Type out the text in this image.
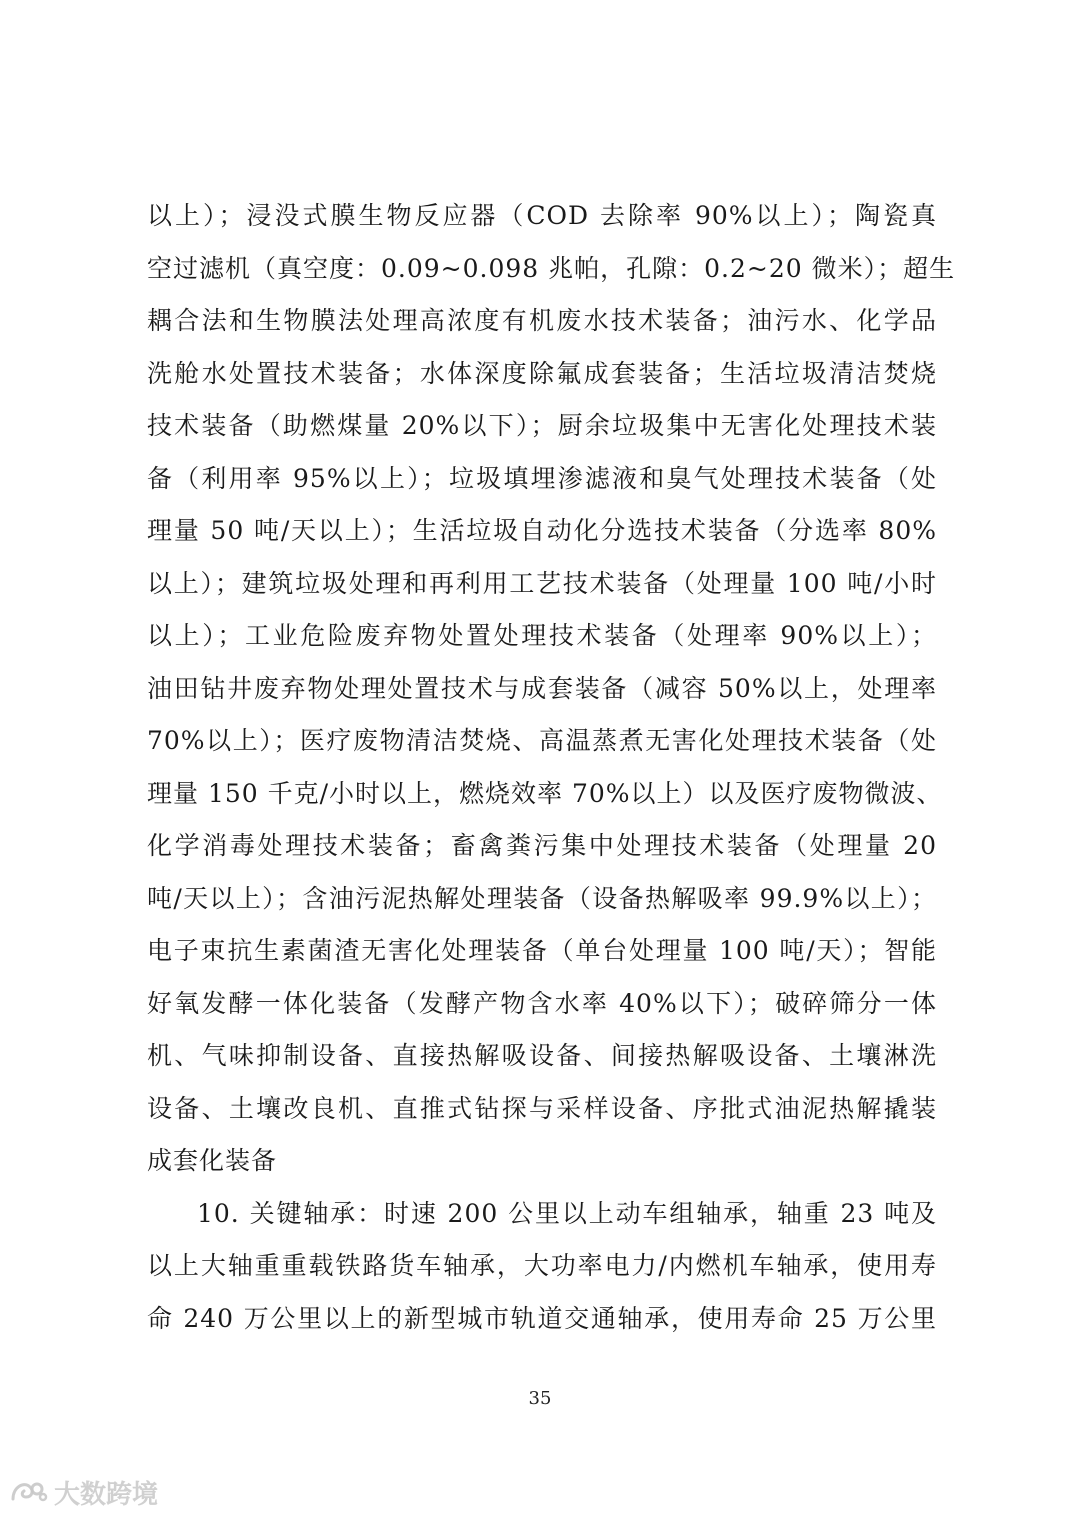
以上）；浸没式膜生物反应器（COD 去除率 90%以上）；陶瓷真
空过滤机（真空度：0.09~0.098 兆帕，孔隙：0.2~20 微米）；超生
耦合法和生物膜法处理高浓度有机废水技术装备；油污水、化学品
洗舱水处置技术装备；水体深度除氟成套装备；生活垃圾清洁焚烧
技术装备（助燃煤量 20%以下）；厨余垃圾集中无害化处理技术装
备（利用率 95%以上）；垃圾填埋渗滤液和臭气处理技术装备（处
理量 50 吨/天以上）；生活垃圾自动化分选技术装备（分选率 80%
以上）；建筑垃圾处理和再利用工艺技术装备（处理量 100 吨/小时
以上）；工业危险废弃物处置处理技术装备（处理率 90%以上）；
油田钻井废弃物处理处置技术与成套装备（减容 50%以上，处理率
70%以上）；医疗废物清洁焚烧、高温蒸煮无害化处理技术装备（处
理量 150 千克/小时以上，燃烧效率 70%以上）以及医疗废物微波、
化学消毒处理技术装备；畜禽粪污集中处理技术装备（处理量 20
吨/天以上）；含油污泥热解处理装备（设备热解吸率 99.9%以上）；
电子束抗生素菌渣无害化处理装备（单台处理量 100 吨/天）；智能
好氧发酵一体化装备（发酵产物含水率 40%以下）；破碎筛分一体
机、气味抑制设备、直接热解吸设备、间接热解吸设备、土壤淋洗
设备、土壤改良机、直推式钻探与采样设备、序批式油泥热解撬装
成套化装备
10. 关键轴承：时速 200 公里以上动车组轴承，轴重 23 吨及
以上大轴重重载铁路货车轴承，大功率电力/内燃机车轴承，使用寿
命 240 万公里以上的新型城市轨道交通轴承，使用寿命 25 万公里
35
大数跨境
